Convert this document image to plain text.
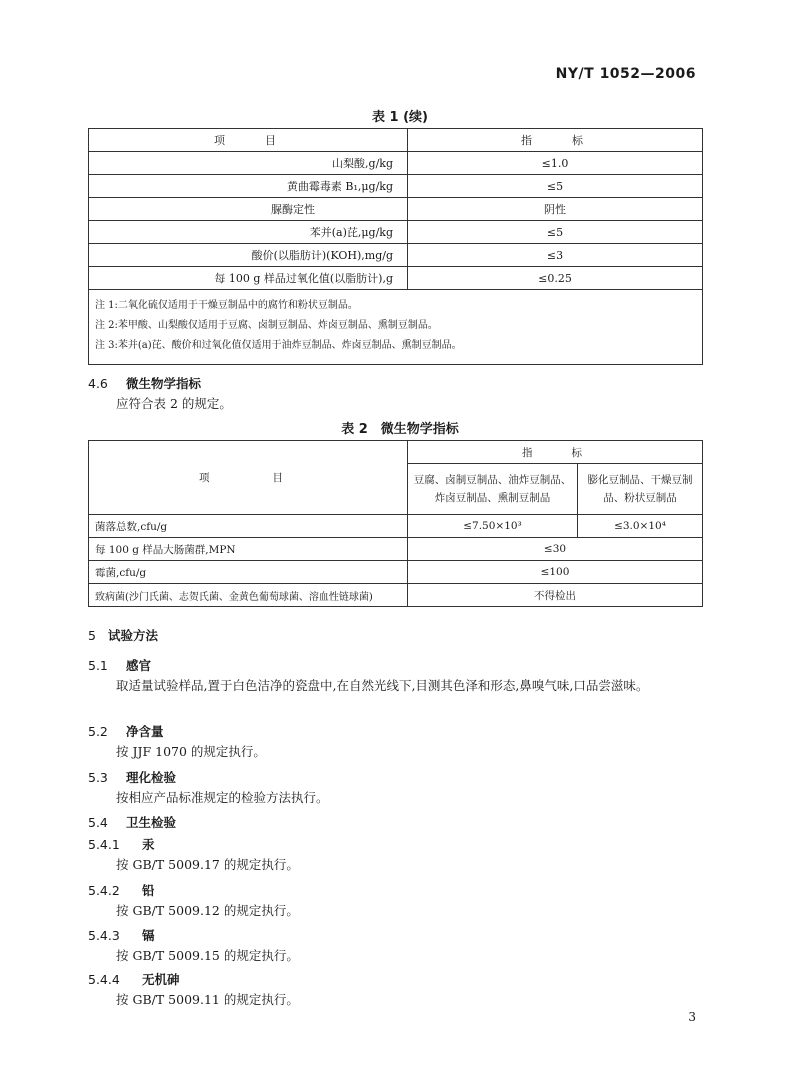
NY/T 1052—2006
表 1 (续)
项　　目	指　　标
山梨酸,g/kg	≤1.0
黄曲霉毒素 B₁,μg/kg	≤5
脲酶定性	阴性
苯并(a)芘,μg/kg	≤5
酸价(以脂肪计)(KOH),mg/g	≤3
每 100 g 样品过氧化值(以脂肪计),g	≤0.25

注 1:二氧化硫仅适用于干燥豆制品中的腐竹和粉状豆制品。
注 2:苯甲酸、山梨酸仅适用于豆腐、卤制豆制品、炸卤豆制品、熏制豆制品。
注 3:苯并(a)芘、酸价和过氧化值仅适用于油炸豆制品、炸卤豆制品、熏制豆制品。	
4.6 微生物学指标
应符合表 2 的规定。
表 2　微生物学指标
项　　目	指　　标	
	豆腐、卤制豆制品、油炸豆制品、炸卤豆制品、熏制豆制品	膨化豆制品、干燥豆制品、粉状豆制品
菌落总数,cfu/g	≤7.50×10³	≤3.0×10⁴
每 100 g 样品大肠菌群,MPN	≤30	
霉菌,cfu/g	≤100	
致病菌(沙门氏菌、志贺氏菌、金黄色葡萄球菌、溶血性链球菌)	不得检出	
5 试验方法
5.1 感官
取适量试验样品,置于白色洁净的瓷盘中,在自然光线下,目测其色泽和形态,鼻嗅气味,口品尝滋味。
5.2 净含量
按 JJF 1070 的规定执行。
5.3 理化检验
按相应产品标准规定的检验方法执行。
5.4 卫生检验
5.4.1 汞
按 GB/T 5009.17 的规定执行。
5.4.2 铅
按 GB/T 5009.12 的规定执行。
5.4.3 镉
按 GB/T 5009.15 的规定执行。
5.4.4 无机砷
按 GB/T 5009.11 的规定执行。
3
